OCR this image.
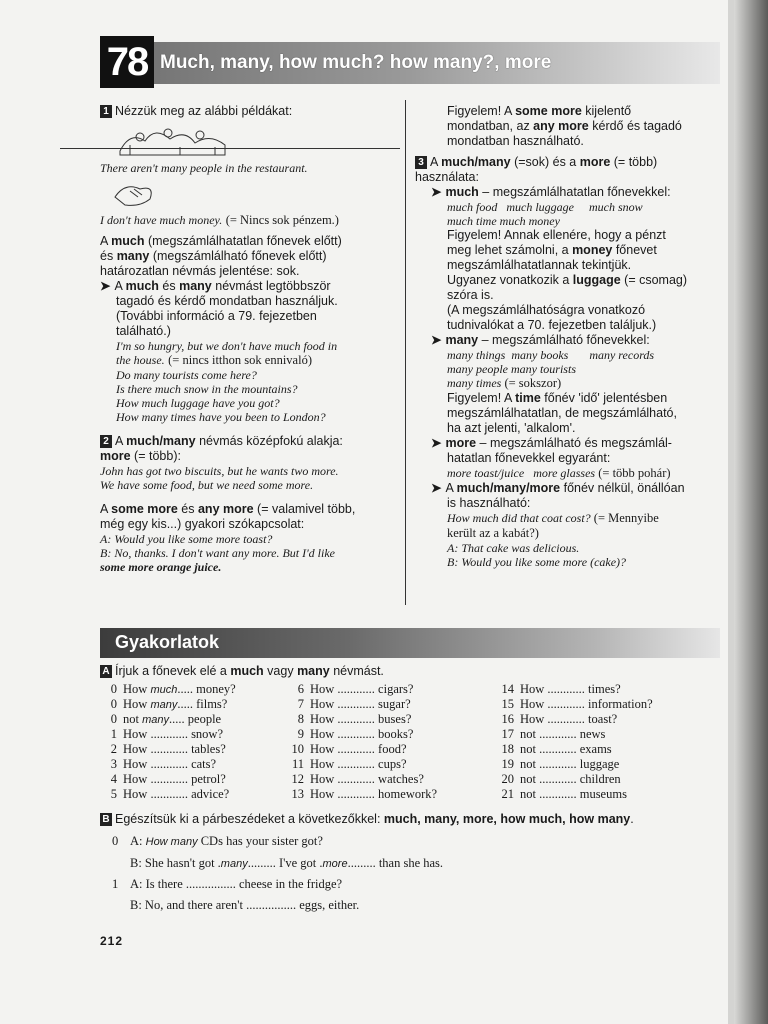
78 Much, many, how much? how many?, more

1 Nézzük meg az alábbi példákat:

There aren't many people in the restaurant.

I don't have much money. (= Nincs sok pénzem.)

A much (megszámlálhatatlan főnevek előtt)
és many (megszámlálható főnevek előtt)
határozatlan névmás jelentése: sok.

➤ A much és many névmást legtöbbször

tagadó és kérdő mondatban használjuk.

(További információ a 79. fejezetben

található.)

I'm so hungry, but we don't have much food in

the house. (= nincs itthon sok ennivaló)

Do many tourists come here?

Is there much snow in the mountains?

How much luggage have you got?

How many times have you been to London?

2 A much/many névmás középfokú alakja:
more (= több):

John has got two biscuits, but he wants two more.

We have some food, but we need some more.

A some more és any more (= valamivel több,
még egy kis...) gyakori szókapcsolat:

A: Would you like some more toast?

B: No, thanks. I don't want any more. But I'd like

some more orange juice.

Figyelem! A some more kijelentő
mondatban, az any more kérdő és tagadó
mondatban használható.

3 A much/many (=sok) és a more (= több)
használata:

➤ much – megszámlálhatatlan főnevekkel:

much food   much luggage     much snow

much time much money

Figyelem! Annak ellenére, hogy a pénzt
meg lehet számolni, a money főnevet
megszámlálhatatlannak tekintjük.
Ugyanez vonatkozik a luggage (= csomag)
szóra is.
(A megszámlálhatóságra vonatkozó
tudnivalókat a 70. fejezetben találjuk.)

➤ many – megszámlálható főnevekkel:

many things  many books       many records

many people many tourists

many times (= sokszor)

Figyelem! A time főnév 'idő' jelentésben
megszámlálhatatlan, de megszámlálható,
ha azt jelenti, 'alkalom'.

➤ more – megszámlálható és megszámlál-
hatatlan főnevekkel egyaránt:

more toast/juice   more glasses (= több pohár)

➤ A much/many/more főnév nélkül, önállóan
is használható:

How much did that coat cost? (= Mennyibe

került az a kabát?)

A: That cake was delicious.

B: Would you like some more (cake)?

Gyakorlatok
A Írjuk a főnevek elé a much vagy many névmást.
0 How much..... money?
0 How many..... films?
0 not many..... people
1 How ............ snow?
2 How ............ tables?
3 How ............ cats?
4 How ............ petrol?
5 How ............ advice?
6 How ............ cigars?
7 How ............ sugar?
8 How ............ buses?
9 How ............ books?
10 How ............ food?
11 How ............ cups?
12 How ............ watches?
13 How ............ homework?
14 How ............ times?
15 How ............ information?
16 How ............ toast?
17 not ............ news
18 not ............ exams
19 not ............ luggage
20 not ............ children
21 not ............ museums
B Egészítsük ki a párbeszédeket a következőkkel: much, many, more, how much, how many.
0 A: How many CDs has your sister got?
B: She hasn't got .many......... I've got .more......... than she has.
1 A: Is there ................ cheese in the fridge?
B: No, and there aren't ................ eggs, either.
212
